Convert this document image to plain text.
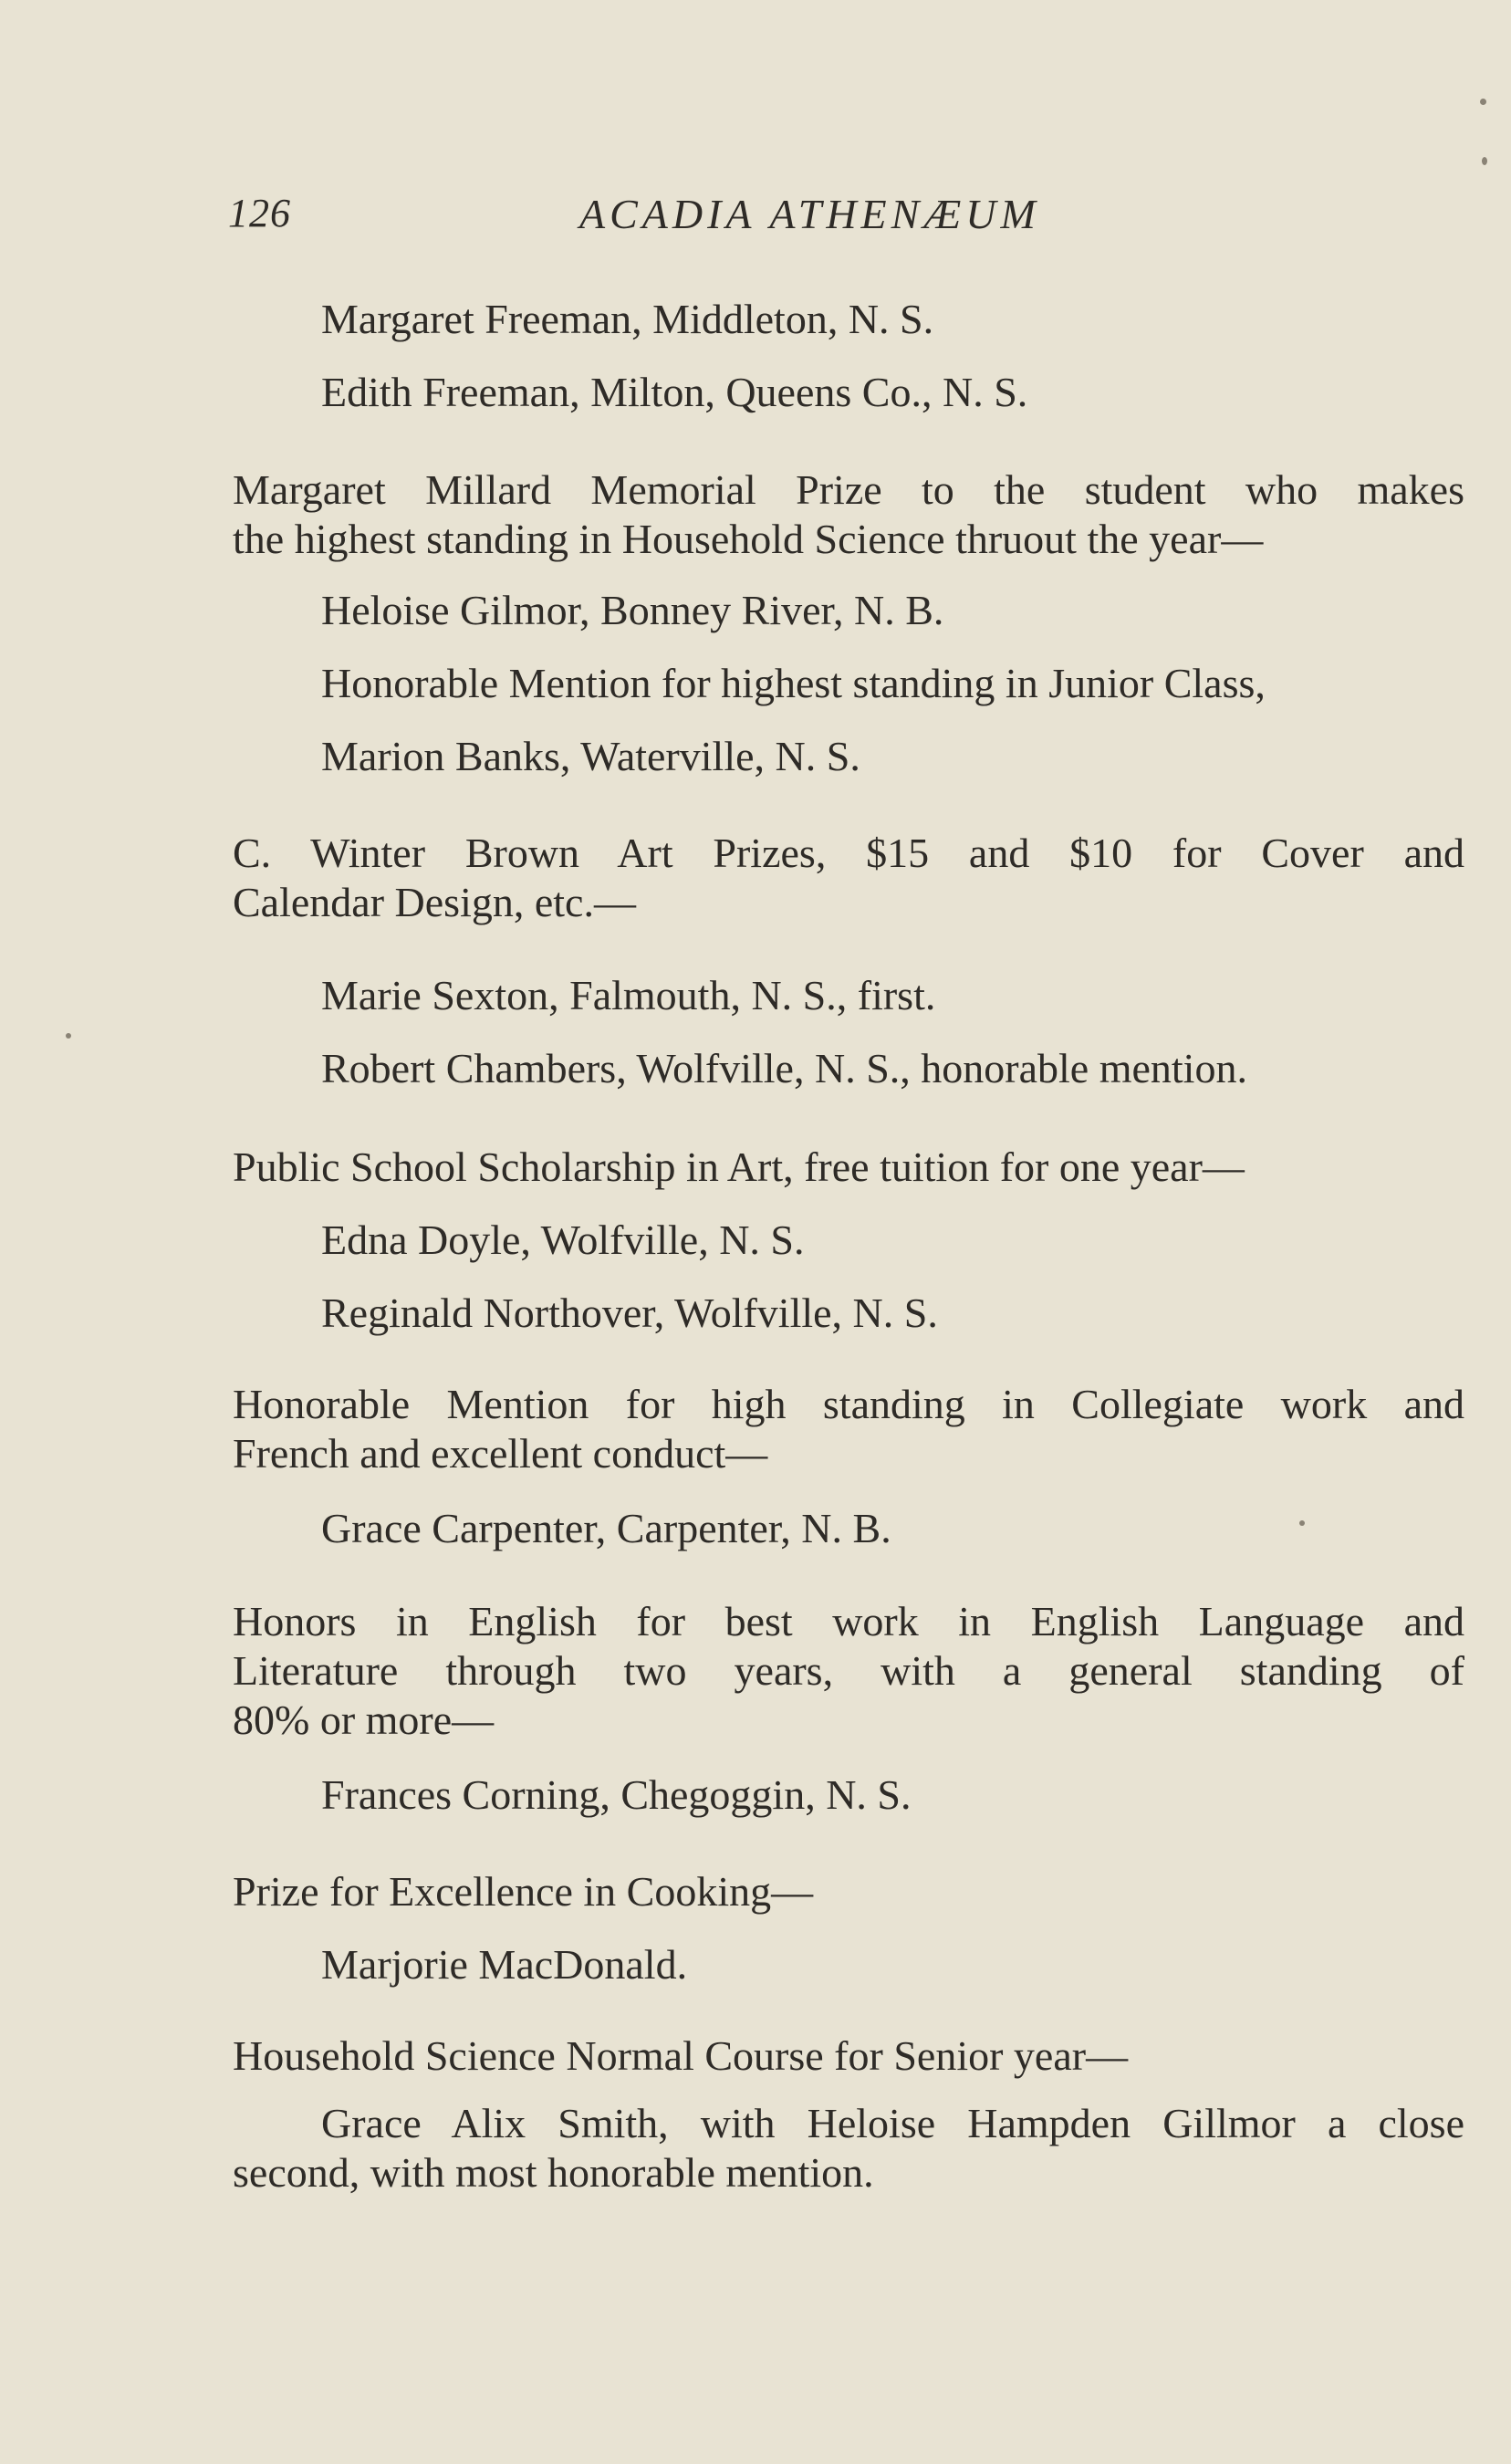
126	ACADIA ATHENÆUM
Margaret Freeman, Middleton, N. S.
Edith Freeman, Milton, Queens Co., N. S.
Margaret Millard Memorial Prize to the student who makes
the highest standing in Household Science thruout the year—
Heloise Gilmor, Bonney River, N. B.
Honorable Mention for highest standing in Junior Class,
Marion Banks, Waterville, N. S.
C. Winter Brown Art Prizes, $15 and $10 for Cover and
Calendar Design, etc.—
Marie Sexton, Falmouth, N. S., first.
Robert Chambers, Wolfville, N. S., honorable mention.
Public School Scholarship in Art, free tuition for one year—
Edna Doyle, Wolfville, N. S.
Reginald Northover, Wolfville, N. S.
Honorable Mention for high standing in Collegiate work and
French and excellent conduct—
Grace Carpenter, Carpenter, N. B.
Honors in English for best work in English Language and
Literature through two years, with a general standing of
80% or more—
Frances Corning, Chegoggin, N. S.
Prize for Excellence in Cooking—
Marjorie MacDonald.
Household Science Normal Course for Senior year—
Grace Alix Smith, with Heloise Hampden Gillmor a close
second, with most honorable mention.
